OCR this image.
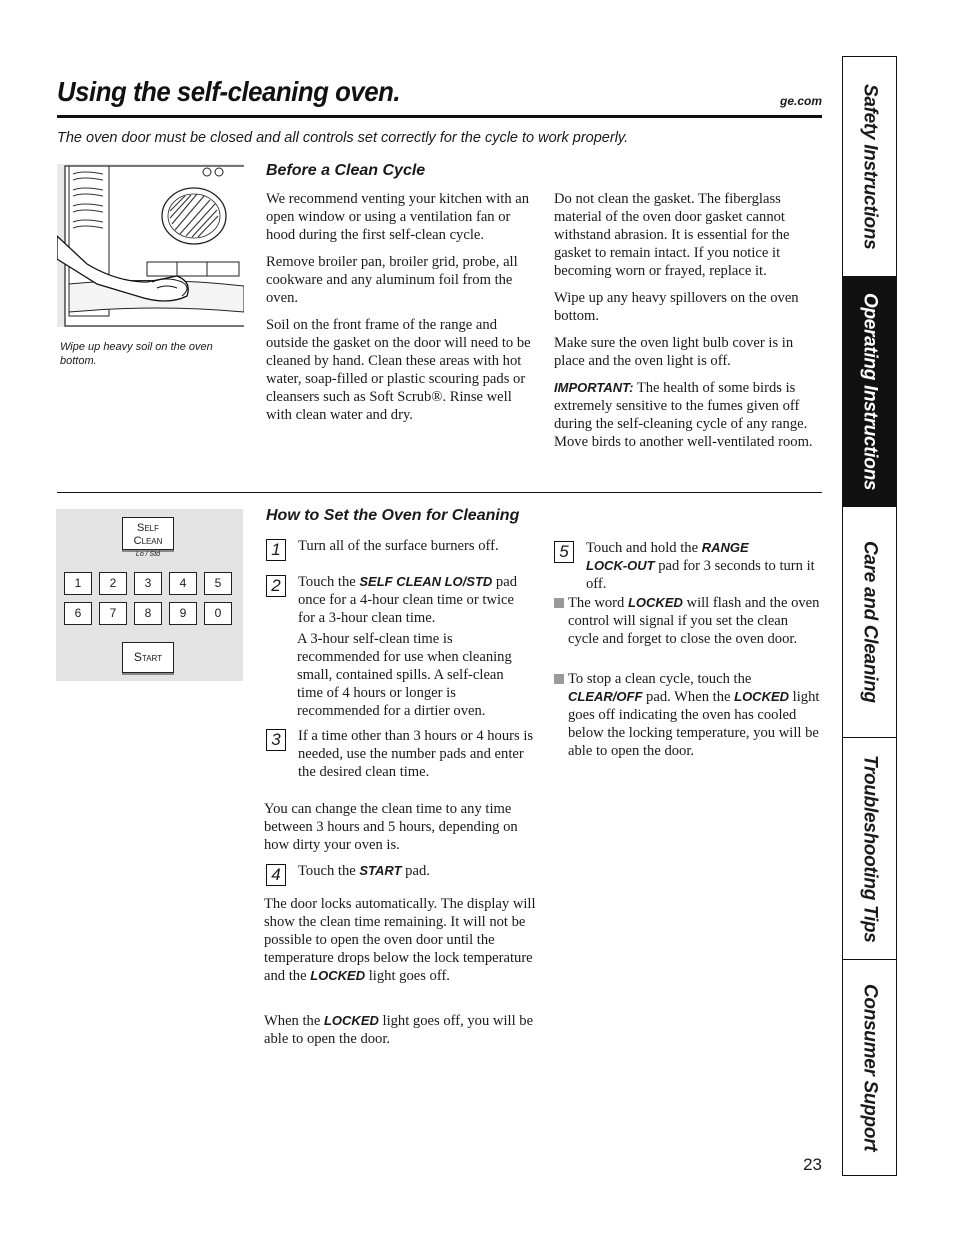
Using the self-cleaning oven.	ge.com
The oven door must be closed and all controls set correctly for the cycle to work properly.
Wipe up heavy soil on the oven bottom.
Before a Clean Cycle

We recommend venting your kitchen with an open window or using a ventilation fan or hood during the first self-clean cycle.

Remove broiler pan, broiler grid, probe, all cookware and any aluminum foil from the oven.

Soil on the front frame of the range and outside the gasket on the door will need to be cleaned by hand. Clean these areas with hot water, soap-filled or plastic scouring pads or cleansers such as Soft Scrub®. Rinse well with clean water and dry.

Do not clean the gasket. The fiberglass material of the oven door gasket cannot withstand abrasion. It is essential for the gasket to remain intact. If you notice it becoming worn or frayed, replace it.

Wipe up any heavy spillovers on the oven bottom.

Make sure the oven light bulb cover is in place and the oven light is off.

IMPORTANT: The health of some birds is extremely sensitive to the fumes given off during the self-cleaning cycle of any range. Move birds to another well-ventilated room.

Self
Clean
Lo / Std
1	2	3	4	5
6	7	8	9	0
Start
How to Set the Oven for Cleaning
1	Turn all of the surface burners off.
2	Touch the SELF CLEAN LO/STD pad once for a 4-hour clean time or twice for a 3-hour clean time.
A 3-hour self-clean time is recommended for use when cleaning small, contained spills. A self-clean time of 4 hours or longer is recommended for a dirtier oven.
3	If a time other than 3 hours or 4 hours is needed, use the number pads and enter the desired clean time.
You can change the clean time to any time between 3 hours and 5 hours, depending on how dirty your oven is.
4	Touch the START pad.
The door locks automatically. The display will show the clean time remaining. It will not be possible to open the oven door until the temperature drops below the lock temperature and the LOCKED light goes off.
When the LOCKED light goes off, you will be able to open the door.
5	Touch and hold the RANGE
LOCK-OUT pad for 3 seconds to turn it off.
The word LOCKED will flash and the oven control will signal if you set the clean cycle and forget to close the oven door.
To stop a clean cycle, touch the CLEAR/OFF pad. When the LOCKED light goes off indicating the oven has cooled below the locking temperature, you will be able to open the door.
Safety Instructions
Operating Instructions
Care and Cleaning
Troubleshooting Tips
Consumer Support
23
